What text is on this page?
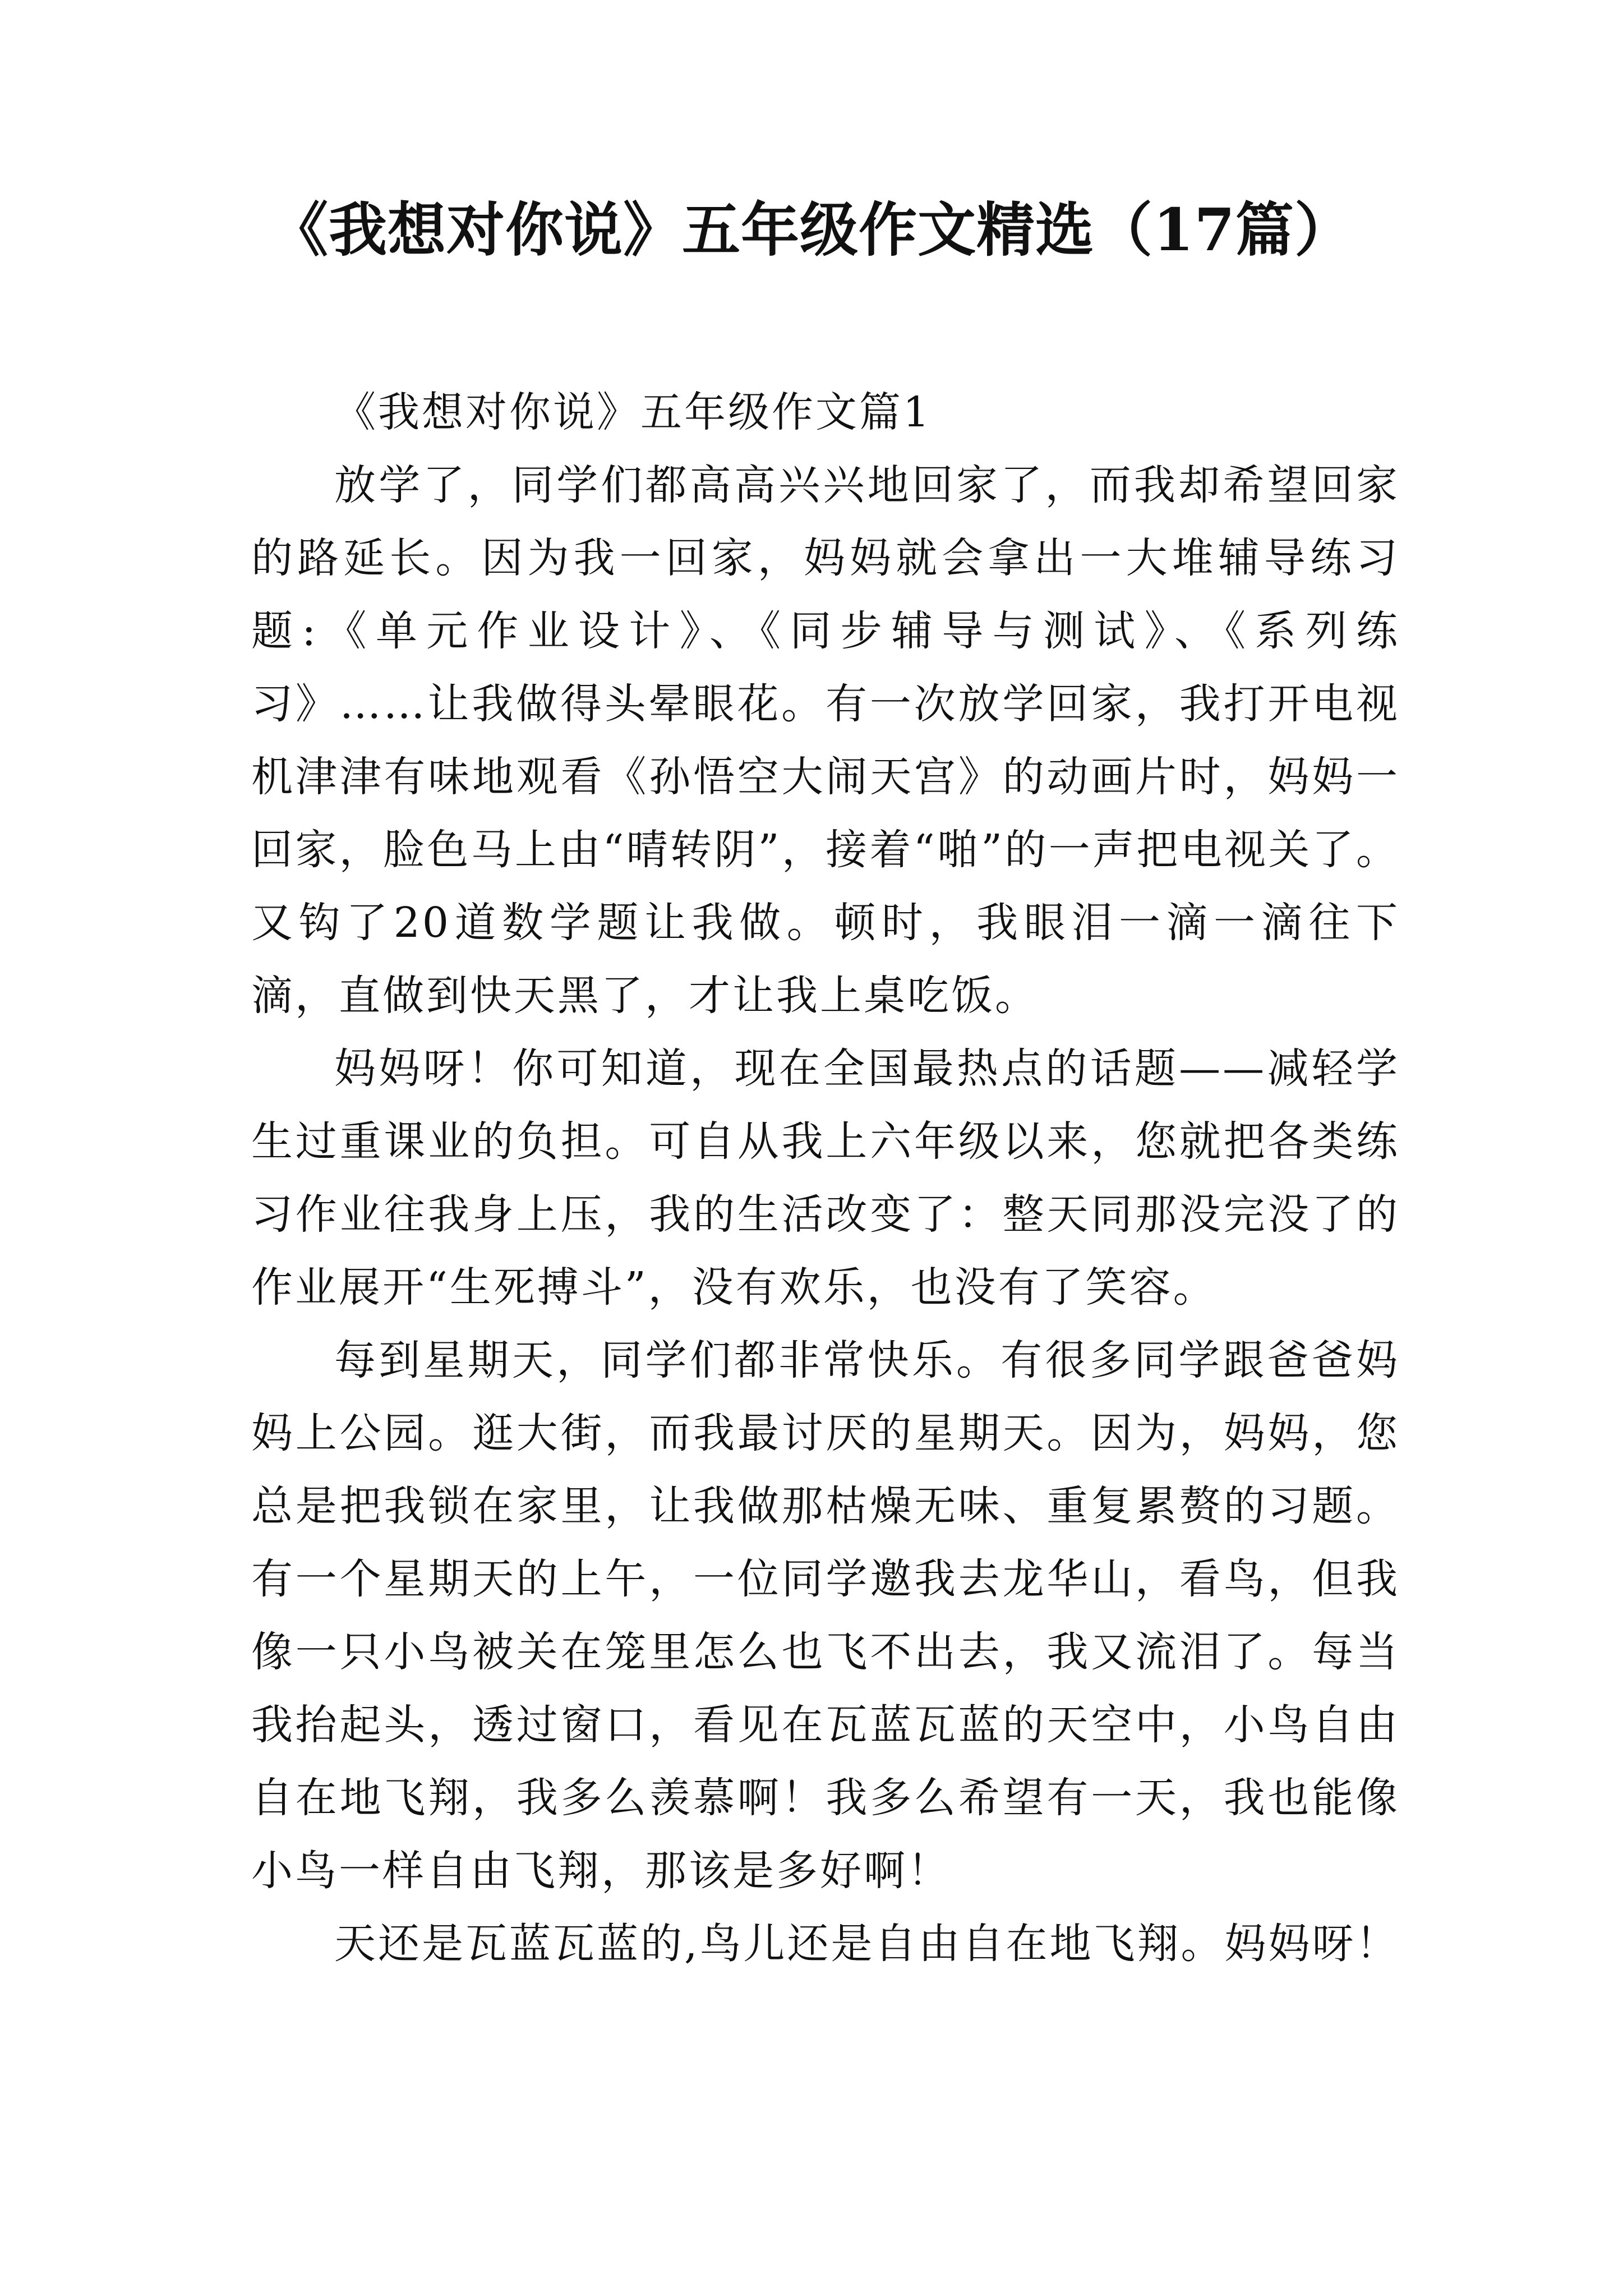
《我想对你说》五年级作文精选（17篇）

《我想对你说》五年级作文篇1

放学了，同学们都高高兴兴地回家了，而我却希望回家的路延长。因为我一回家，妈妈就会拿出一大堆辅导练习题:《单元作业设计》、《同步辅导与测试》、《系列练习》……让我做得头晕眼花。有一次放学回家，我打开电视机津津有味地观看《孙悟空大闹天宫》的动画片时，妈妈一回家，脸色马上由“晴转阴”，接着“啪”的一声把电视关了。又钩了20道数学题让我做。顿时，我眼泪一滴一滴往下滴，直做到快天黑了，才让我上桌吃饭。

妈妈呀！你可知道，现在全国最热点的话题——减轻学生过重课业的负担。可自从我上六年级以来，您就把各类练习作业往我身上压，我的生活改变了：整天同那没完没了的作业展开“生死搏斗”，没有欢乐，也没有了笑容。

每到星期天，同学们都非常快乐。有很多同学跟爸爸妈妈上公园。逛大街，而我最讨厌的星期天。因为，妈妈，您总是把我锁在家里，让我做那枯燥无味、重复累赘的习题。有一个星期天的上午，一位同学邀我去龙华山，看鸟，但我像一只小鸟被关在笼里怎么也飞不出去，我又流泪了。每当我抬起头，透过窗口，看见在瓦蓝瓦蓝的天空中，小鸟自由自在地飞翔，我多么羡慕啊！我多么希望有一天，我也能像小鸟一样自由飞翔，那该是多好啊！

天还是瓦蓝瓦蓝的,鸟儿还是自由自在地飞翔。妈妈呀！
